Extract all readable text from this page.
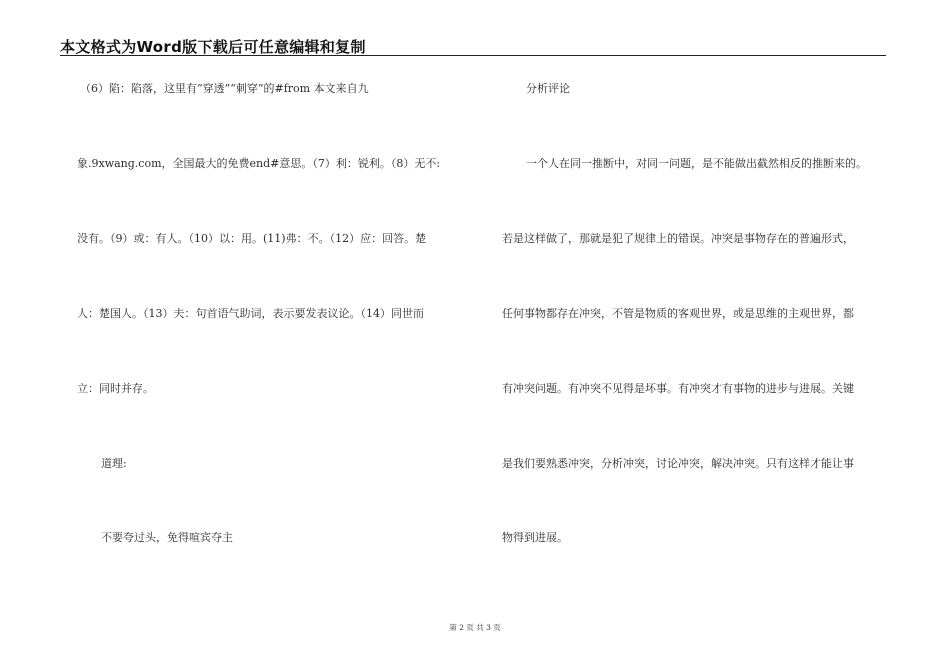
本文格式为Word版下载后可任意编辑和复制
（6）陷：陷落，这里有“穿透”“刺穿”的#from 本文来自九
象.9xwang.com，全国最大的免费end#意思。（7）利：锐利。（8）无不:
没有。（9）或：有人。（10）以：用。(11)弗：不。（12）应：回答。楚
人：楚国人。（13）夫：句首语气助词，表示要发表议论。（14）同世而
立：同时并存。
道理:
不要夸过头，免得喧宾夺主
分析评论
一个人在同一推断中，对同一问题，是不能做出截然相反的推断来的。
若是这样做了，那就是犯了规律上的错误。冲突是事物存在的普遍形式，
任何事物都存在冲突，不管是物质的客观世界，或是思维的主观世界，都
有冲突问题。有冲突不见得是坏事。有冲突才有事物的进步与进展。关键
是我们要熟悉冲突，分析冲突，讨论冲突，解决冲突。只有这样才能让事
物得到进展。
第 2 页 共 3 页
